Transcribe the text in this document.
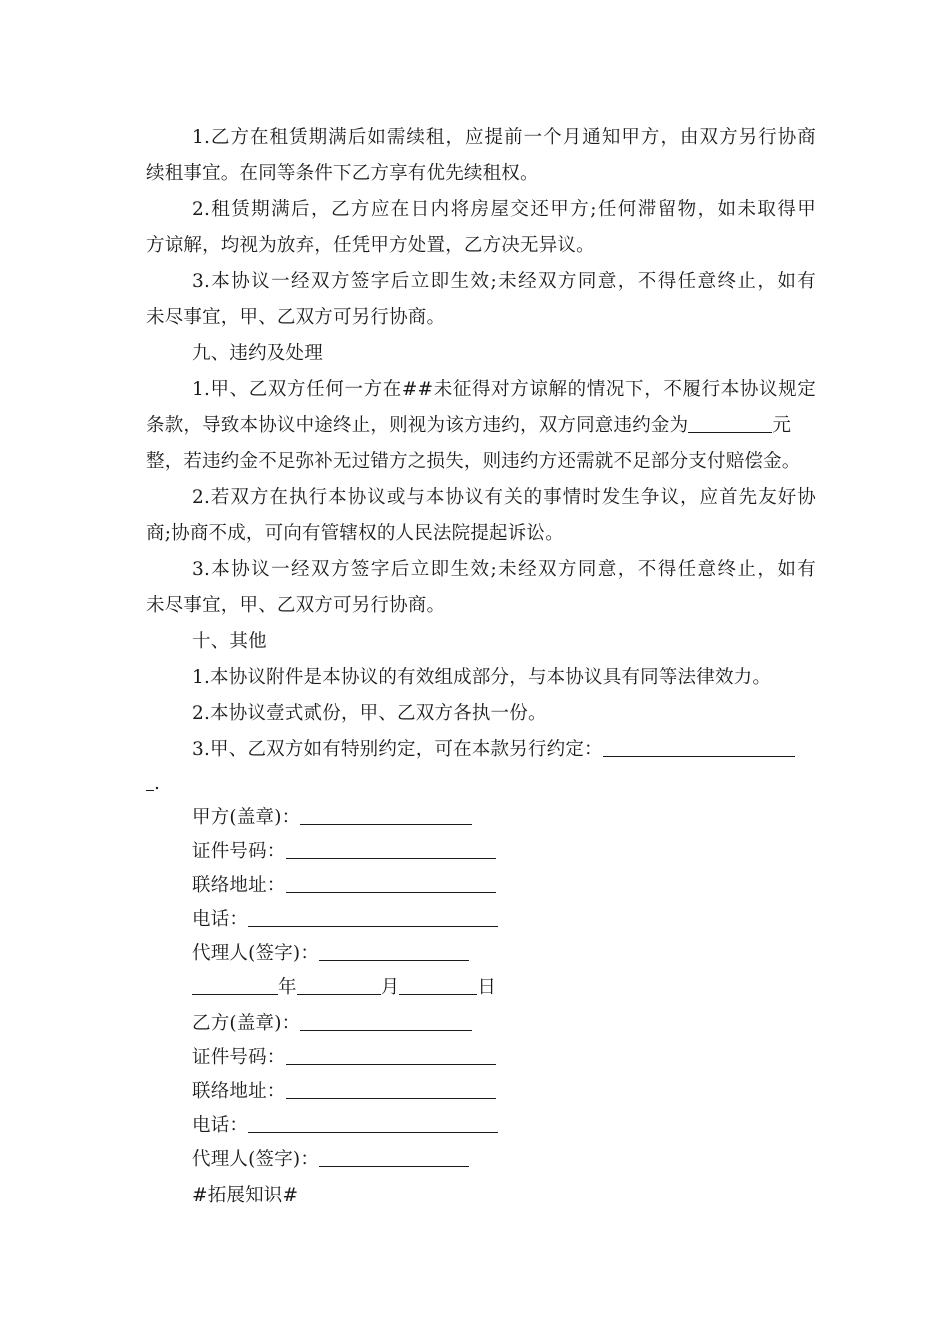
1.乙方在租赁期满后如需续租，应提前一个月通知甲方，由双方另行协商
续租事宜。在同等条件下乙方享有优先续租权。
2.租赁期满后，乙方应在日内将房屋交还甲方;任何滞留物，如未取得甲
方谅解，均视为放弃，任凭甲方处置，乙方决无异议。
3.本协议一经双方签字后立即生效;未经双方同意，不得任意终止，如有
未尽事宜，甲、乙双方可另行协商。
九、违约及处理
1.甲、乙双方任何一方在##未征得对方谅解的情况下，不履行本协议规定
条款，导致本协议中途终止，则视为该方违约，双方同意违约金为	元
整，若违约金不足弥补无过错方之损失，则违约方还需就不足部分支付赔偿金。
2.若双方在执行本协议或与本协议有关的事情时发生争议，应首先友好协
商;协商不成，可向有管辖权的人民法院提起诉讼。
3.本协议一经双方签字后立即生效;未经双方同意，不得任意终止，如有
未尽事宜，甲、乙双方可另行协商。
十、其他
1.本协议附件是本协议的有效组成部分，与本协议具有同等法律效力。
2.本协议壹式贰份，甲、乙双方各执一份。
3.甲、乙双方如有特别约定，可在本款另行约定：
.
甲方(盖章)：
证件号码：
联络地址：
电话：
代理人(签字)：
年	月	日
乙方(盖章)：
证件号码：
联络地址：
电话：
代理人(签字)：
#拓展知识#
